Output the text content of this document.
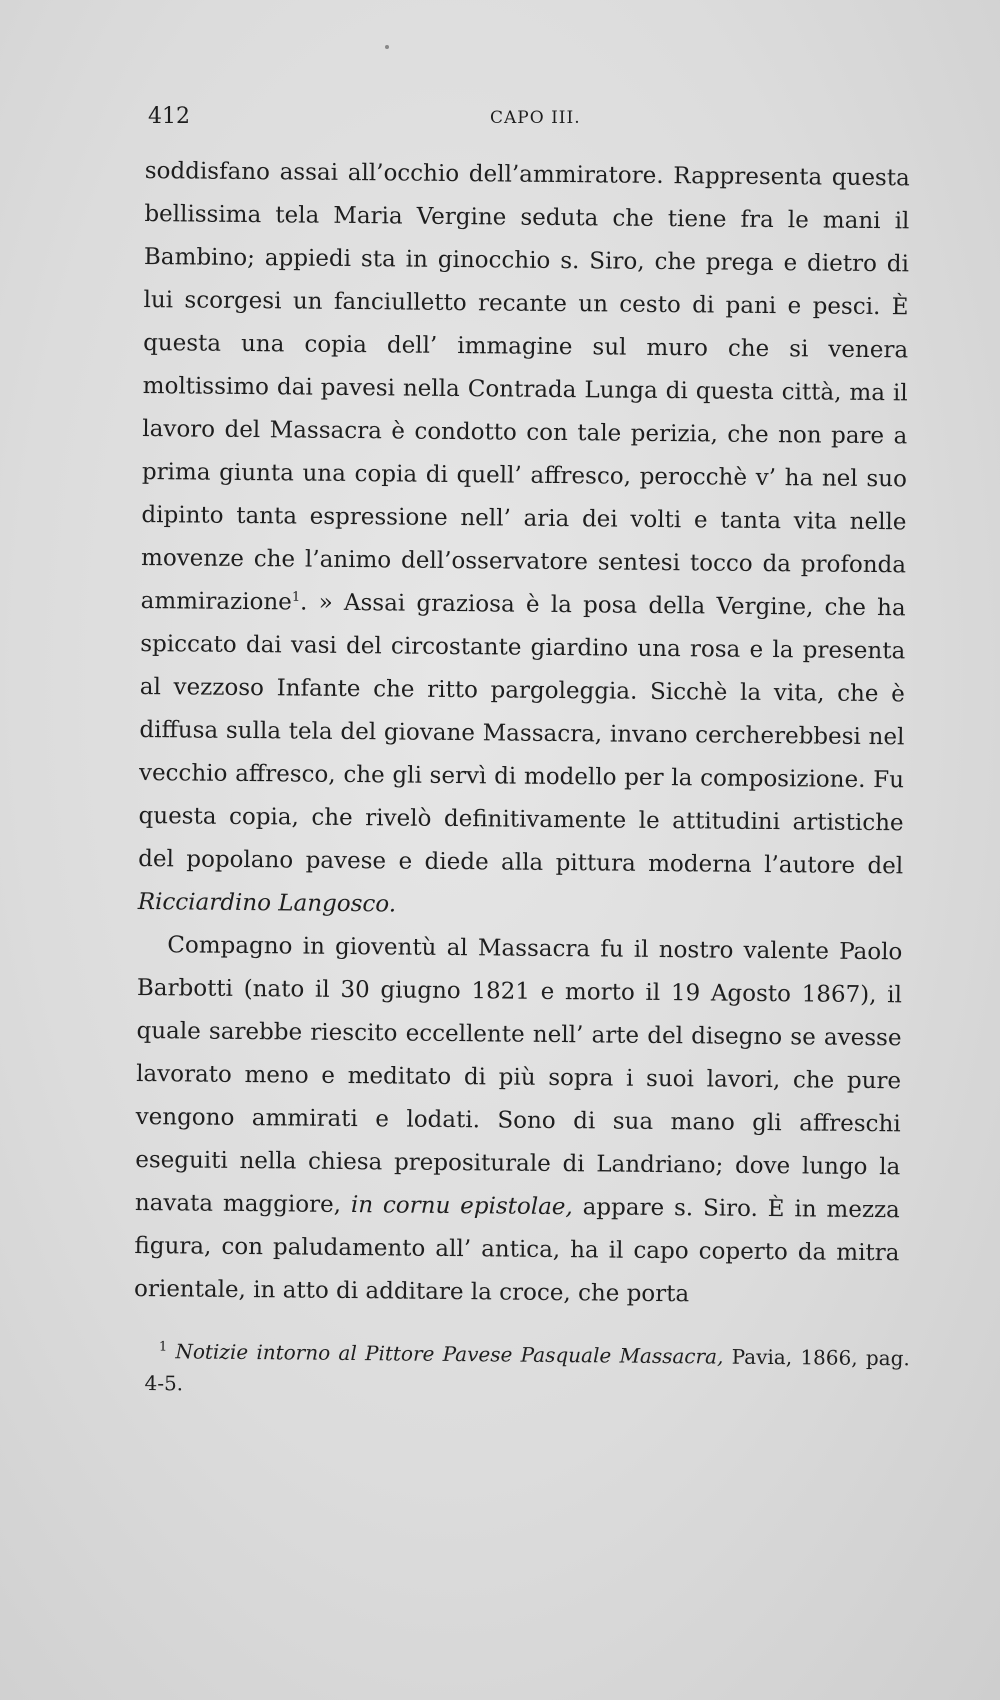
412	CAPO III.

soddisfano assai all’occhio dell’ammiratore. Rappresenta questa bellissima tela Maria Vergine seduta che tiene fra le mani il Bambino; appiedi sta in ginocchio s. Siro, che prega e dietro di lui scorgesi un fanciulletto recante un cesto di pani e pesci. È questa una copia dell’ immagine sul muro che si venera moltissimo dai pavesi nella Contrada Lunga di questa città, ma il lavoro del Massacra è condotto con tale perizia, che non pare a prima giunta una copia di quell’ affresco, perocchè v’ ha nel suo dipinto tanta espressione nell’ aria dei volti e tanta vita nelle movenze che l’animo dell’osservatore sentesi tocco da profonda ammirazione$^1$. » Assai graziosa è la posa della Vergine, che ha spiccato dai vasi del circostante giardino una rosa e la presenta al vezzoso Infante che ritto pargoleggia. Sicchè la vita, che è diffusa sulla tela del giovane Massacra, invano cercherebbesi nel vecchio affresco, che gli servì di modello per la composizione. Fu questa copia, che rivelò definitivamente le attitudini artistiche del popolano pavese e diede alla pittura moderna l’autore del Ricciardino Langosco.

Compagno in gioventù al Massacra fu il nostro valente Paolo Barbotti (nato il 30 giugno 1821 e morto il 19 Agosto 1867), il quale sarebbe riescito eccellente nell’ arte del disegno se avesse lavorato meno e meditato di più sopra i suoi lavori, che pure vengono ammirati e lodati. Sono di sua mano gli affreschi eseguiti nella chiesa prepositurale di Landriano; dove lungo la navata maggiore, in cornu epistolae, appare s. Siro. È in mezza figura, con paludamento all’ antica, ha il capo coperto da mitra orientale, in atto di additare la croce, che porta

$^1$ Notizie intorno al Pittore Pavese Pasquale Massacra, Pavia, 1866, pag. 4-5.
